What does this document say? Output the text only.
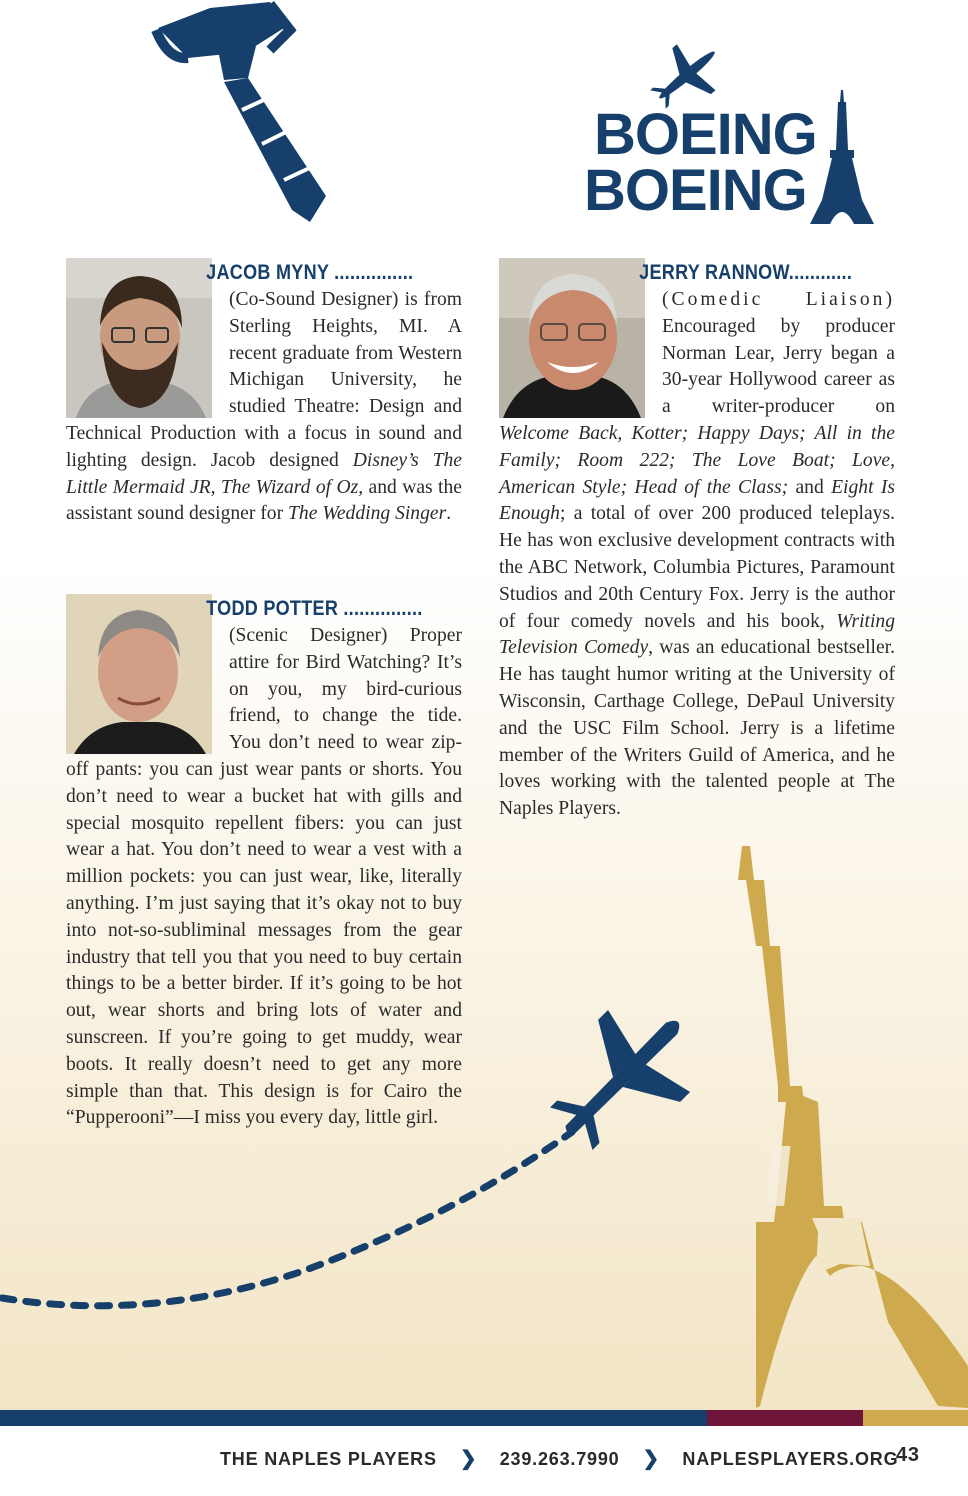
BOEING
BOEING
JACOB MYNY ...............
(Co-Sound Designer) is from Sterling Heights, MI. A recent graduate from Western Michigan University, he studied Theatre: Design and Technical Production with a focus in sound and lighting design. Jacob designed Disney’s The Little Mermaid JR, The Wizard of Oz, and was the assistant sound designer for The Wedding Singer.
TODD POTTER ...............
(Scenic Designer) Proper attire for Bird Watching? It’s on you, my bird-curious friend, to change the tide. You don’t need to wear zip-off pants: you can just wear pants or shorts. You don’t need to wear a bucket hat with gills and special mosquito repellent fibers: you can just wear a hat. You don’t need to wear a vest with a million pockets: you can just wear, like, literally anything. I’m just saying that it’s okay not to buy into not-so-subliminal messages from the gear industry that tell you that you need to buy certain things to be a better birder. If it’s going to be hot out, wear shorts and bring lots of water and sunscreen. If you’re going to get muddy, wear boots. It really doesn’t need to get any more simple than that. This design is for Cairo the “Pupperooni”—I miss you every day, little girl.
JERRY RANNOW............
(Comedic Liaison) Encouraged by producer Norman Lear, Jerry began a 30-year Hollywood career as a writer-producer on Welcome Back, Kotter; Happy Days; All in the Family; Room 222; The Love Boat; Love, American Style; Head of the Class; and Eight Is Enough; a total of over 200 produced teleplays. He has won exclusive development contracts with the ABC Network, Columbia Pictures, Paramount Studios and 20th Century Fox. Jerry is the author of four comedy novels and his book, Writing Television Comedy, was an educational bestseller. He has taught humor writing at the University of Wisconsin, Carthage College, DePaul University and the USC Film School. Jerry is a lifetime member of the Writers Guild of America, and he loves working with the talented people at The Naples Players.
THE NAPLES PLAYERS ❯ 239.263.7990 ❯ NAPLESPLAYERS.ORG
43
